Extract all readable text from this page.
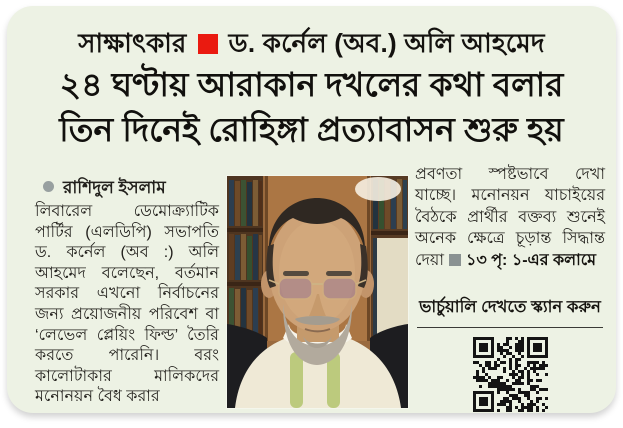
সাক্ষাৎকার ড. কর্নেল (অব.) অলি আহমেদ
২৪ ঘণ্টায় আরাকান দখলের কথা বলার
তিন দিনেই রোহিঙ্গা প্রত্যাবাসন শুরু হয়
রাশিদুল ইসলাম

লিবারেল ডেমোক্র্যাটিক পার্টির (এলডিপি) সভাপতি ড. কর্নেল (অব :) অলি আহমেদ বলেছেন, বর্তমান সরকার এখনো নির্বাচনের জন্য প্রয়োজনীয় পরিবেশ বা ‘লেভেল প্লেয়িং ফিল্ড’ তৈরি করতে পারেনি। বরং কালোটাকার মালিকদের মনোনয়ন বৈধ করার

প্রবণতা স্পষ্টভাবে দেখা যাচ্ছে। মনোনয়ন যাচাইয়ের বৈঠকে প্রার্থীর বক্তব্য শুনেই অনেক ক্ষেত্রে চূড়ান্ত সিদ্ধান্ত দেয়া ১৩ পৃ: ১-এর কলামে

ভার্চুয়ালি দেখতে স্ক্যান করুন
